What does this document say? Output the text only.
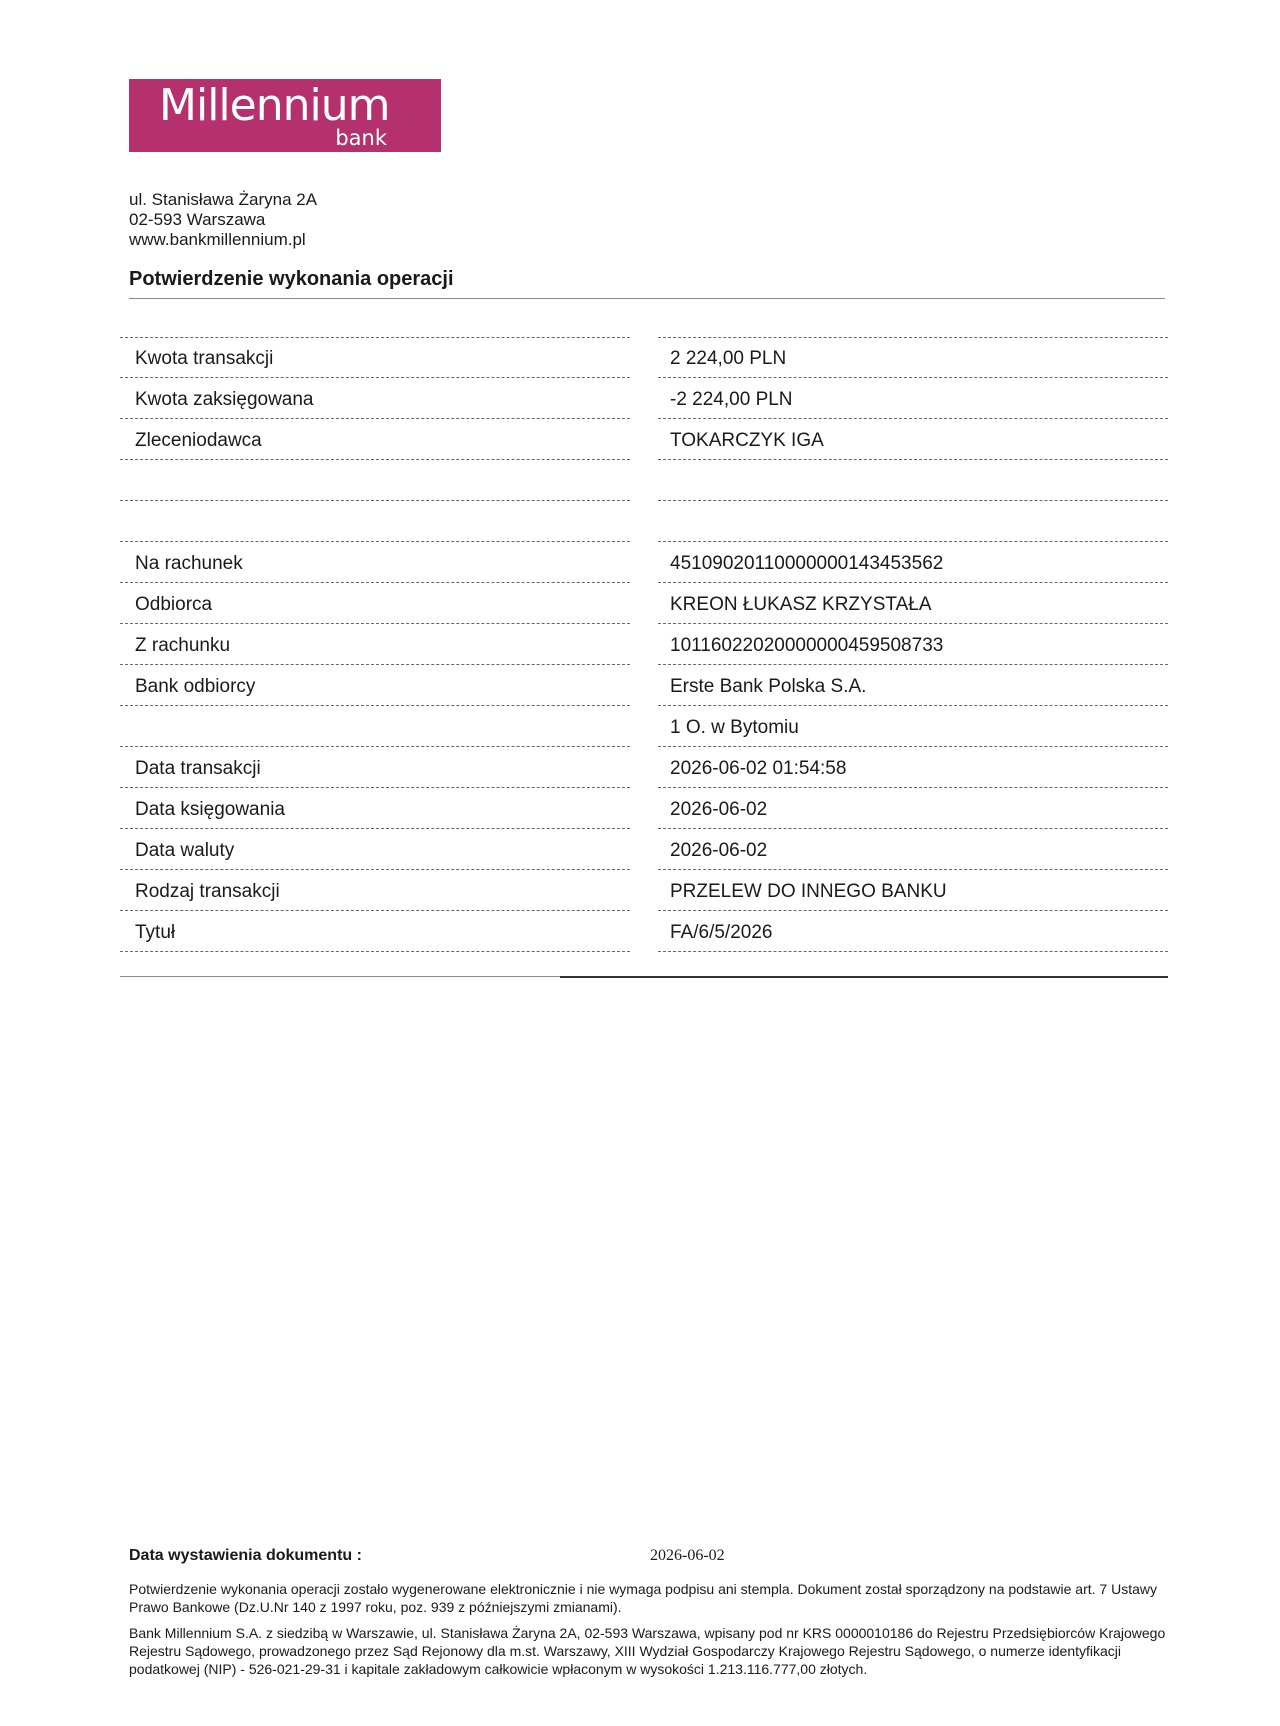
Millennium
bank
ul. Stanisława Żaryna 2A
02-593 Warszawa
www.bankmillennium.pl
Potwierdzenie wykonania operacji
Kwota transakcji	2 224,00 PLN
Kwota zaksięgowana	-2 224,00 PLN
Zleceniodawca	TOKARCZYK IGA
Na rachunek	45109020110000000143453562
Odbiorca	KREON ŁUKASZ KRZYSTAŁA
Z rachunku	10116022020000000459508733
Bank odbiorcy	Erste Bank Polska S.A.
1 O. w Bytomiu
Data transakcji	2026-06-02 01:54:58
Data księgowania	2026-06-02
Data waluty	2026-06-02
Rodzaj transakcji	PRZELEW DO INNEGO BANKU
Tytuł	FA/6/5/2026
Data wystawienia dokumentu :	2026-06-02
Potwierdzenie wykonania operacji zostało wygenerowane elektronicznie i nie wymaga podpisu ani stempla. Dokument został sporządzony na podstawie art. 7 Ustawy Prawo Bankowe (Dz.U.Nr 140 z 1997 roku, poz. 939 z późniejszymi zmianami).
Bank Millennium S.A. z siedzibą w Warszawie, ul. Stanisława Żaryna 2A, 02-593 Warszawa, wpisany pod nr KRS 0000010186 do Rejestru Przedsiębiorców Krajowego Rejestru Sądowego, prowadzonego przez Sąd Rejonowy dla m.st. Warszawy, XIII Wydział Gospodarczy Krajowego Rejestru Sądowego, o numerze identyfikacji podatkowej (NIP) - 526-021-29-31 i kapitale zakładowym całkowicie wpłaconym w wysokości 1.213.116.777,00 złotych.
